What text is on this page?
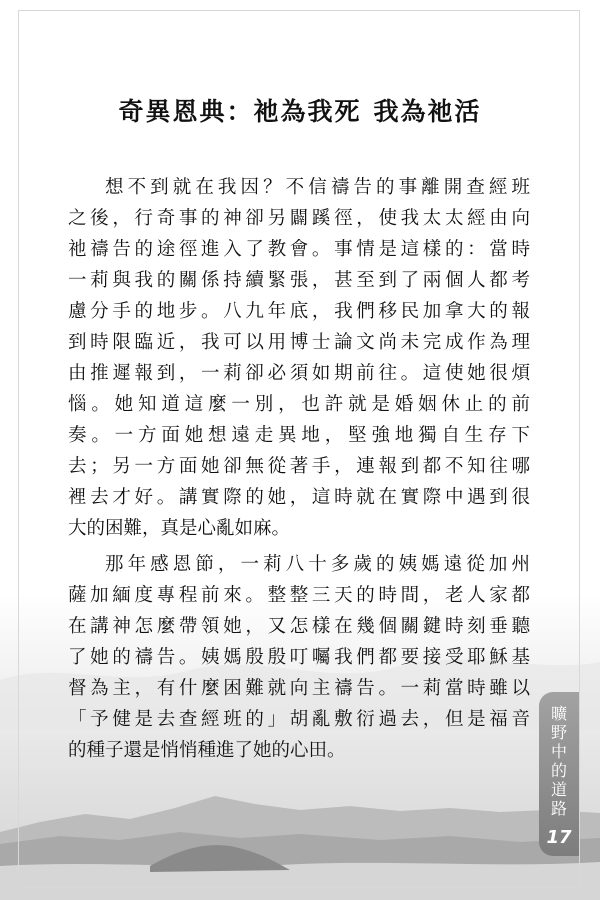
奇異恩典：祂為我死 我為祂活

想不到就在我因？不信禱告的事離開查經班
之後，行奇事的神卻另闢蹊徑，使我太太經由向
祂禱告的途徑進入了教會。事情是這樣的：當時
一莉與我的關係持續緊張，甚至到了兩個人都考
慮分手的地步。八九年底，我們移民加拿大的報
到時限臨近，我可以用博士論文尚未完成作為理
由推遲報到，一莉卻必須如期前往。這使她很煩
惱。她知道這麼一別，也許就是婚姻休止的前
奏。一方面她想遠走異地，堅強地獨自生存下
去；另一方面她卻無從著手，連報到都不知往哪
裡去才好。講實際的她，這時就在實際中遇到很
大的困難，真是心亂如麻。

那年感恩節，一莉八十多歲的姨媽遠從加州
薩加緬度專程前來。整整三天的時間，老人家都
在講神怎麼帶領她，又怎樣在幾個關鍵時刻垂聽
了她的禱告。姨媽殷殷叮囑我們都要接受耶穌基
督為主，有什麼困難就向主禱告。一莉當時雖以
「予健是去查經班的」胡亂敷衍過去，但是福音
的種子還是悄悄種進了她的心田。

曠
野
中
的
道
路
17
